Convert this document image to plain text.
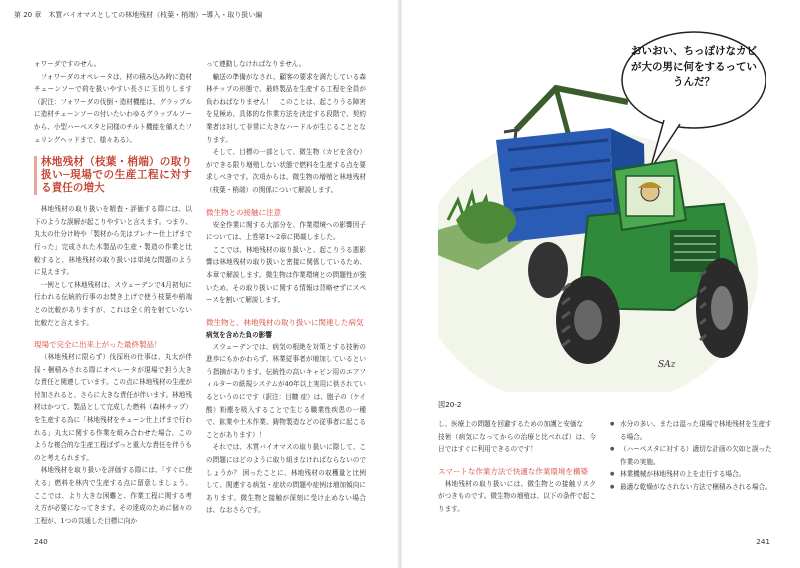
第 20 章　木質バイオマスとしての林地残材（枝葉・梢端）─導入・取り扱い編

ォワーダですのせん。

フォワーダのオペレータは、材の積み込み時に造材チェーンソーで荷を扱いやすい長さに玉切りします（訳注：フォワーダの伐倒・造材機能は、グラップルに造材チェーンソーの付いたいわゆるグラップルソーから、小型ハーベスタと同様のチルト機能を備えたフェリングヘッドまで、様々ある）。

林地残材（枝葉・梢端）の取り扱い─現場での生産工程に対する責任の増大

林地残材の取り扱いを精査・評価する際には、以下のような誤解が起こりやすいと言えます。つまり、丸太の仕分け時や「製材から先はプレナー仕上げまで行った」完成された木製品の生産・製造の作業と比較すると、林地残材の取り扱いは単純な問題のように見えます。

一例として林地残材は、スウェーデンで4月初旬に行われる伝統的行事のお焚き上げで使う枝葉や梢端との比較がありますが、これは全く的を射ていない比較だと言えます。

現場で完全に出来上がった最終製品！

（林地残材に限らず）伐採班の仕事は、丸太が伴採・梱積みされる際にオペレータが現場で担う大きな責任と関連しています。この点に林地残材の生産が付加されると、さらに大きな責任が伴います。林地残材はかつて、製品として完成した燃料（森林チップ）を生産する為に「林地残材をチェーン仕上げまで行われる」丸太に関する作業を組み合わせた場合、このような複合的な生産工程ばずっと重大な責任を伴うものと考えられます。

林地残材を取り扱いを評価する際には、「すぐに使える」燃料を林内で生産する点に留意しましょう。ここでは、より大きな困難と、作業工程に関する考え方が必要になってきます。その達成のために個々の工程が、1つの共通した目標に向か

って連動しなければなりません。

輸送の準備がなされ、顧客の要求を満たしている森林チップの形態で、最終製品を生産する工程を全員が負わねばなりません！　このことは、起こりうる障害を見極め、具体的な作業方法を決定する段階で、契約業者は対して非常に大きなハードルが生じることとなります。

そして、目標の一部として、微生物（カビを含む）ができる限り増殖しない状態で燃料を生産する点を要求しべきです。次項からは、微生物の増殖と林地残材（枝葉・梢端）の関係について解説します。

微生物との接触に注意

安全作業に関する大部分を、作業環境への影響因子については、上巻第1～2章に掲載しました。

ここでは、林地残材の取り扱いと、起こりうる悪影響は林地残材の取り扱いと密接に関係しているため、本章で解説します。微生物は作業環境との問題性が強いため、その取り扱いに関する情報は背略せずにスペースを割いて解説します。

微生物と、林地残材の取り扱いに関連した病気
病気を含めた負の影響

スウェーデンでは、病気の根絶を対策とする技術の進歩にもかかわらず、林業従事者が増加しているという指摘があります。伝統性の高いキャビン用のエアフィルターの紙規システムが40年以上実用に供されているというのにです（訳注：目糠 症）は、胞子の（ケイ酸）粉塵を吸入することで生じる職業性疾患の一種で、鉱業や土木作業、鋳物製造などの従事者に起こることがあります）！

それでは、木質バイオマスの取り扱いに際して、この問題にはどのように取り組まなければならないのでしょうか？ 困ったことに、林地残材の収穫量と比例して、関連する病気・症状の問題や症例は増加傾向にあります。微生物と接触が深刻に受け止めない場合は、なおさらです。

240
おいおい、ちっぽけなカビが大の男に何をするっていうんだ？
SAz
図20-2

し、医療上の問題を回避するための加護と安価な

技術（病気になってからの治療と比べれば）は、今日ではすぐに利用できるのです！

スマートな作業方法で快適な作業環境を構築

林地残材の取り扱いには、微生物との接触リスクがつきものです。微生物の増殖は、以下の条件で起こります。

● 水分の多い、または湿った現場で林地残材を生産する場合。
● （ハーベスタに対する）適切な計画の欠如と誤った作業の実施。
● 林業機械が林地残材の上を走行する場合。
● 最適な乾燥がなされない方法で梱積みされる場合。
241
